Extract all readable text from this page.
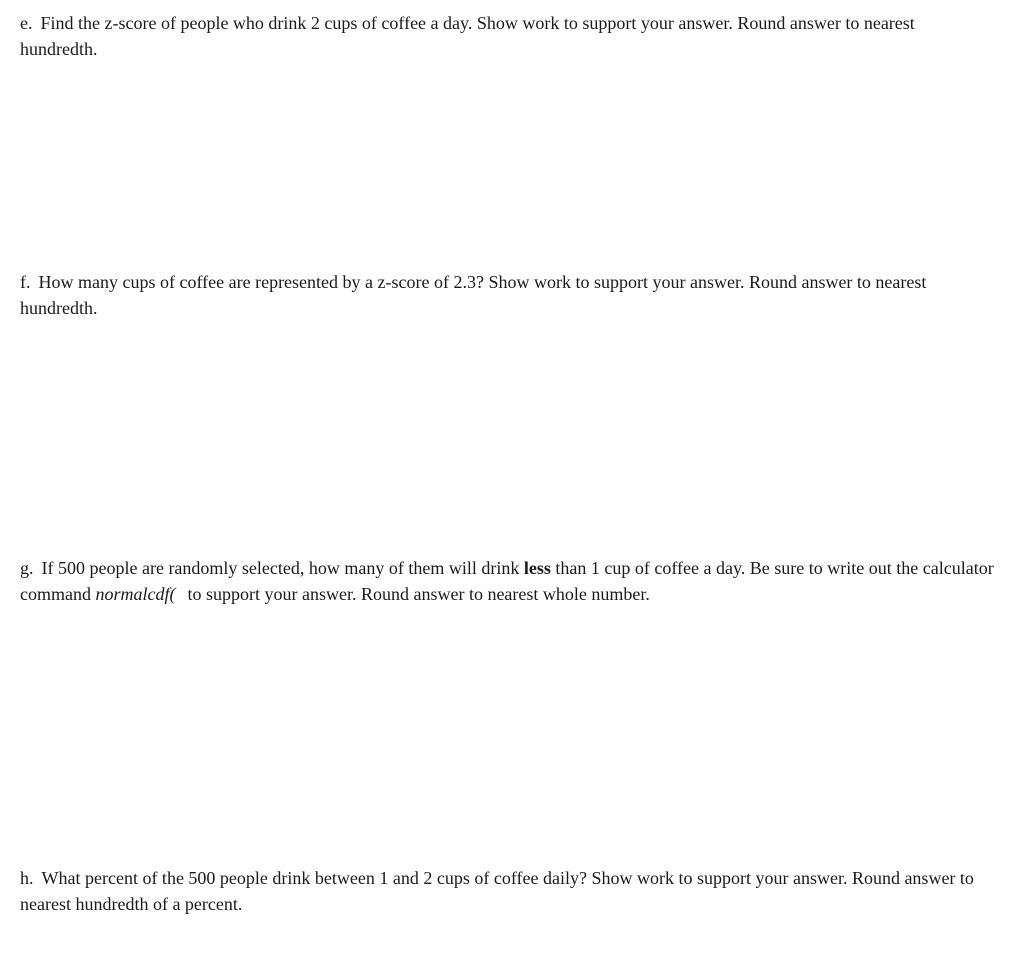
e. Find the z-score of people who drink 2 cups of coffee a day. Show work to support your answer. Round answer to nearest hundredth.

f. How many cups of coffee are represented by a z-score of 2.3? Show work to support your answer. Round answer to nearest hundredth.

g. If 500 people are randomly selected, how many of them will drink less than 1 cup of coffee a day. Be sure to write out the calculator command normalcdf( to support your answer. Round answer to nearest whole number.

h. What percent of the 500 people drink between 1 and 2 cups of coffee daily? Show work to support your answer. Round answer to nearest hundredth of a percent.
